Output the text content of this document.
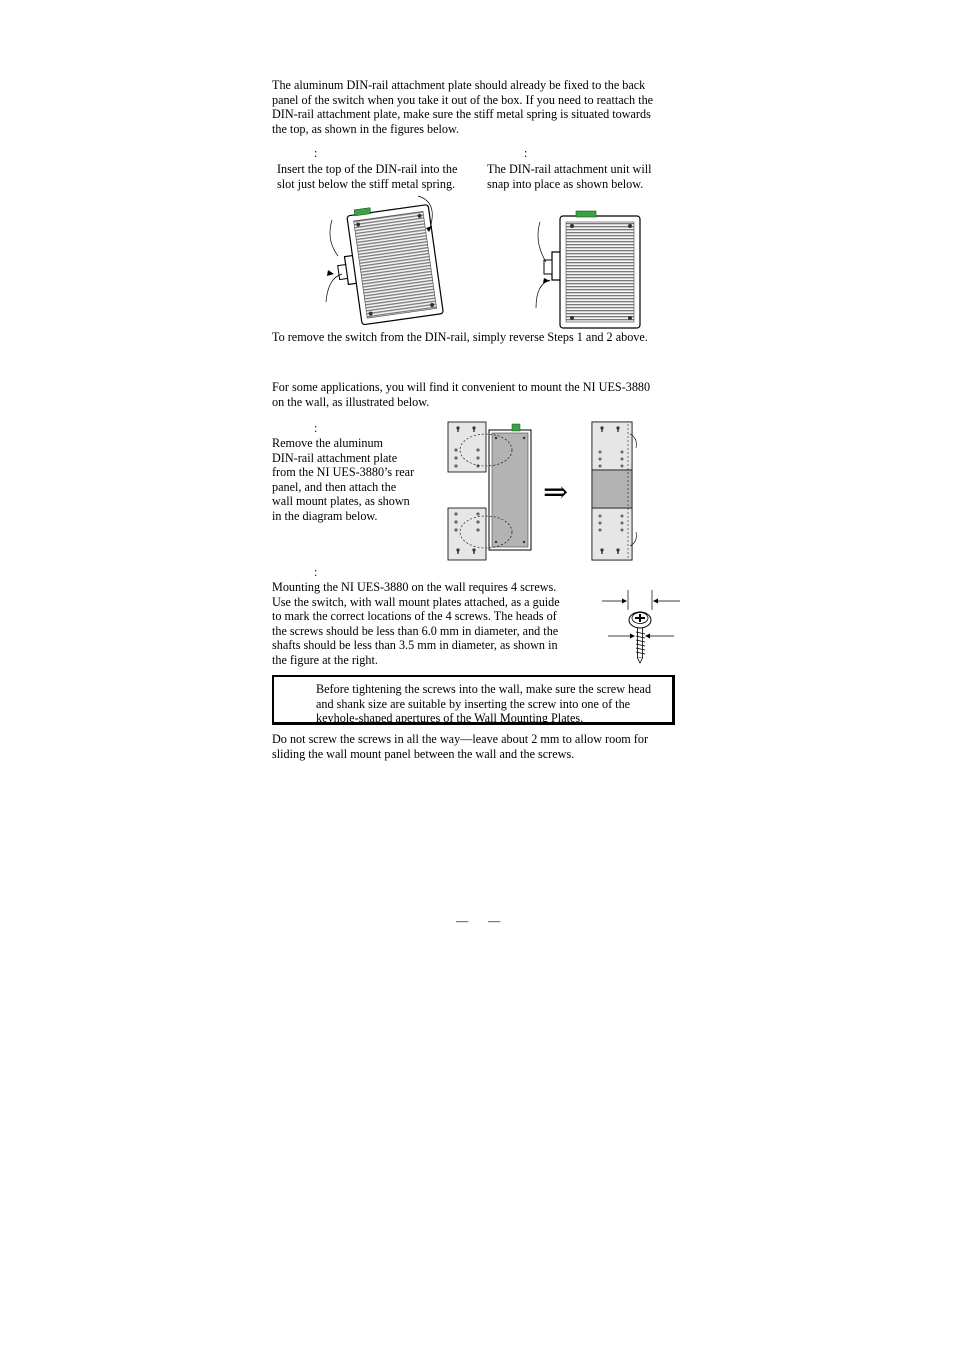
The aluminum DIN-rail attachment plate should already be fixed to the back

panel of the switch when you take it out of the box. If you need to reattach the

DIN-rail attachment plate, make sure the stiff metal spring is situated towards

the top, as shown in the figures below.

:

Insert the top of the DIN-rail into the

slot just below the stiff metal spring.

:

The DIN-rail attachment unit will

snap into place as shown below.

To remove the switch from the DIN-rail, simply reverse Steps 1 and 2 above.

For some applications, you will find it convenient to mount the NI UES-3880

on the wall, as illustrated below.

:

Remove the aluminum

DIN-rail attachment plate

from the NI UES-3880’s rear

panel, and then attach the

wall mount plates, as shown

in the diagram below.

⇒

:

Mounting the NI UES-3880 on the wall requires 4 screws.

Use the switch, with wall mount plates attached, as a guide

to mark the correct locations of the 4 screws. The heads of

the screws should be less than 6.0 mm in diameter, and the

shafts should be less than 3.5 mm in diameter, as shown in

the figure at the right.

Before tightening the screws into the wall, make sure the screw head
and shank size are suitable by inserting the screw into one of the
keyhole-shaped apertures of the Wall Mounting Plates.

Do not screw the screws in all the way—leave about 2 mm to allow room for

sliding the wall mount panel between the wall and the screws.

— —
